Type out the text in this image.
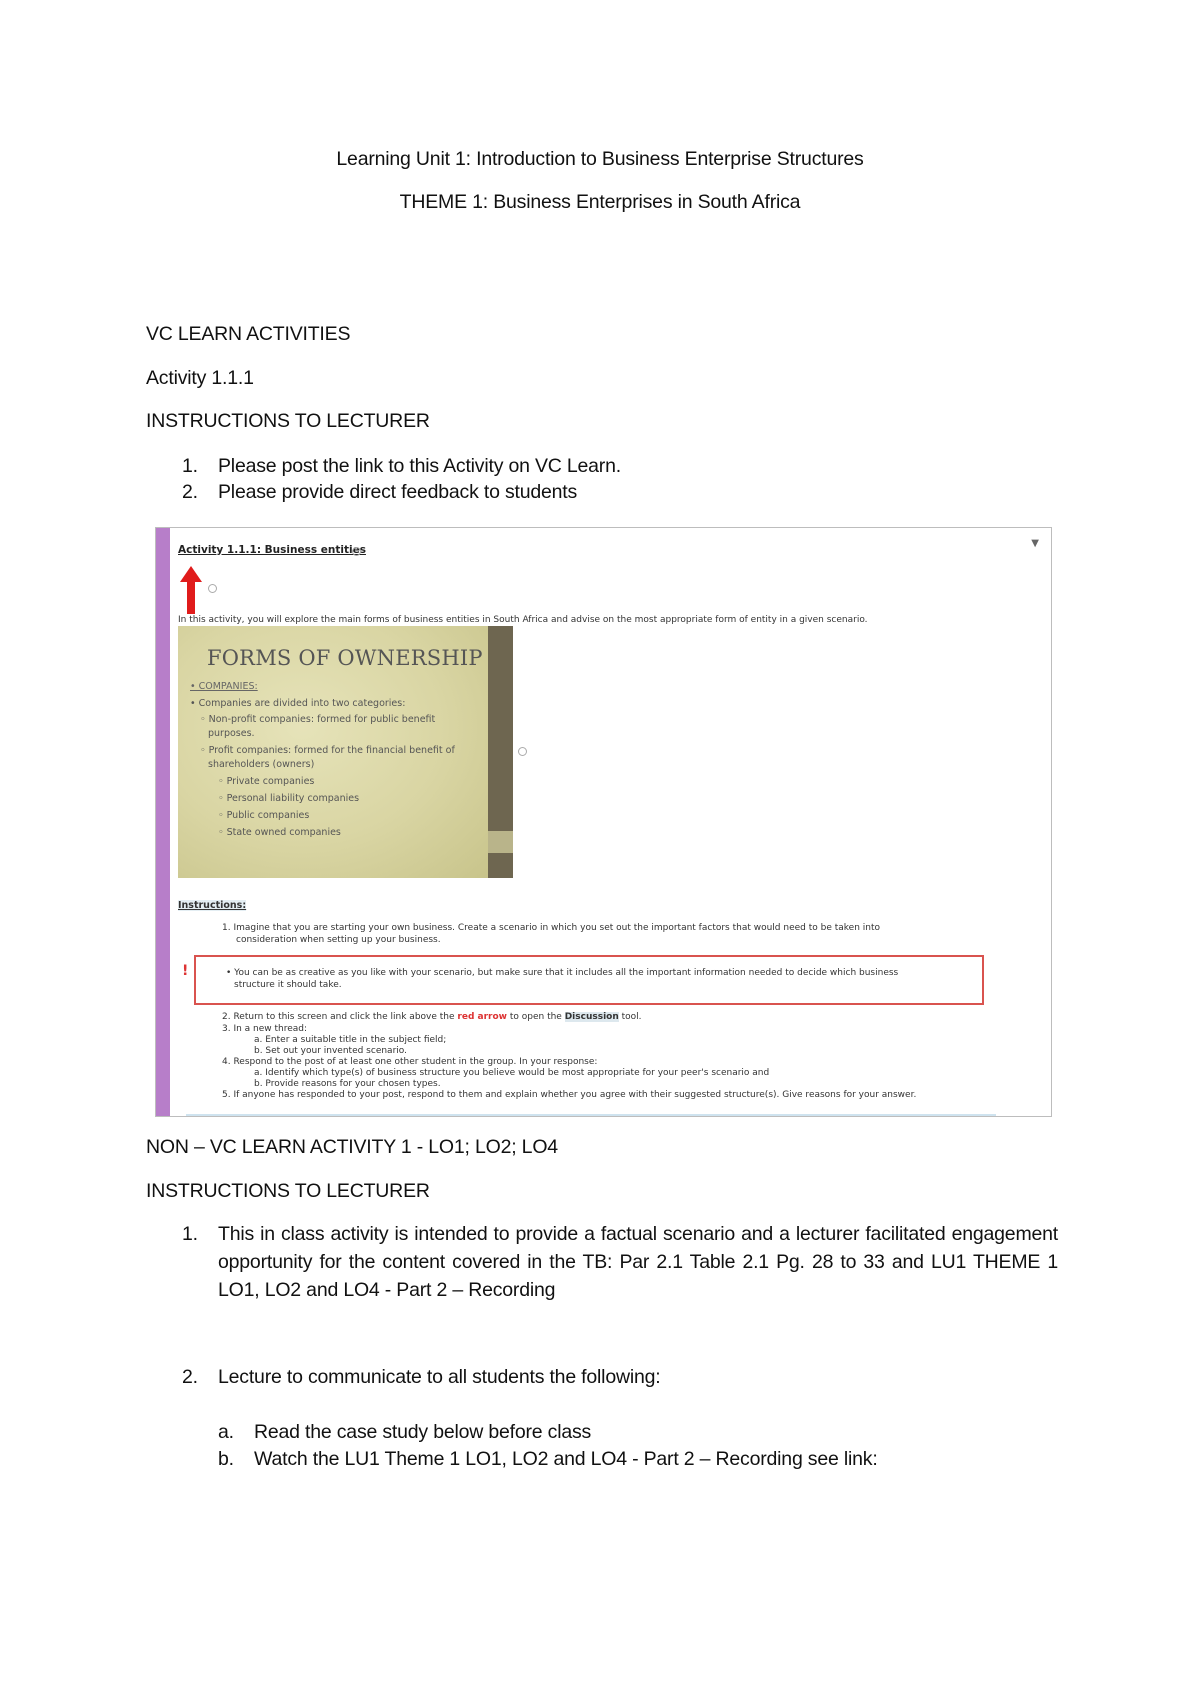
Learning Unit 1: Introduction to Business Enterprise Structures

THEME 1: Business Enterprises in South Africa

VC LEARN ACTIVITIES

Activity 1.1.1

INSTRUCTIONS TO LECTURER

1.	Please post the link to this Activity on VC Learn.
2.	Please provide direct feedback to students
▼
Activity 1.1.1: Business entities
In this activity, you will explore the main forms of business entities in South Africa and advise on the most appropriate form of entity in a given scenario.
FORMS OF OWNERSHIP
• COMPANIES:
• Companies are divided into two categories:
◦ Non-profit companies: formed for public benefit
purposes.
◦ Profit companies: formed for the financial benefit of
shareholders (owners)
◦ Private companies
◦ Personal liability companies
◦ Public companies
◦ State owned companies
Instructions:
1. Imagine that you are starting your own business. Create a scenario in which you set out the important factors that would need to be taken into
consideration when setting up your business.
!	• You can be as creative as you like with your scenario, but make sure that it includes all the important information needed to decide which business
structure it should take.
2. Return to this screen and click the link above the red arrow to open the Discussion tool.
3. In a new thread:
a. Enter a suitable title in the subject field;
b. Set out your invented scenario.
4. Respond to the post of at least one other student in the group. In your response:
a. Identify which type(s) of business structure you believe would be most appropriate for your peer's scenario and
b. Provide reasons for your chosen types.
5. If anyone has responded to your post, respond to them and explain whether you agree with their suggested structure(s). Give reasons for your answer.

NON – VC LEARN ACTIVITY 1 - LO1; LO2; LO4

INSTRUCTIONS TO LECTURER

1. This in class activity is intended to provide a factual scenario and a lecturer facilitated engagement opportunity for the content covered in the TB: Par 2.1 Table 2.1 Pg. 28 to 33 and LU1 THEME 1 LO1, LO2 and LO4 - Part 2 – Recording
2. Lecture to communicate to all students the following:
a. Read the case study below before class
b. Watch the LU1 Theme 1 LO1, LO2 and LO4 - Part 2 – Recording see link:
